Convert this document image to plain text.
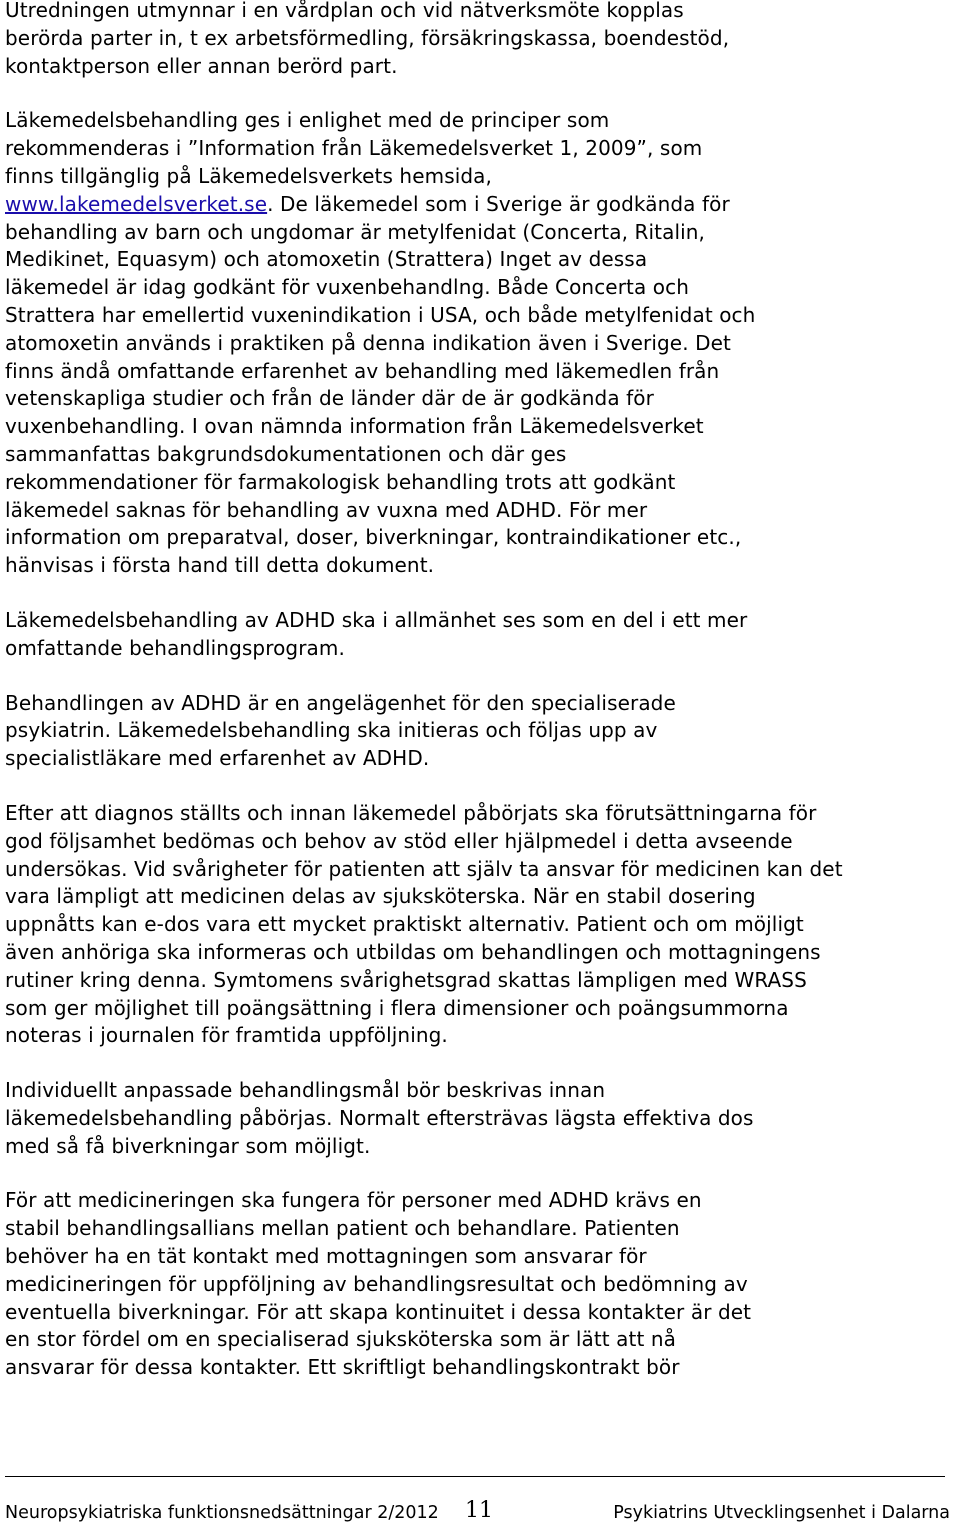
Utredningen utmynnar i en vårdplan och vid nätverksmöte kopplas
berörda parter in, t ex arbetsförmedling, försäkringskassa, boendestöd,
kontaktperson eller annan berörd part.

Läkemedelsbehandling ges i enlighet med de principer som
rekommenderas i ”Information från Läkemedelsverket 1, 2009”, som
finns tillgänglig på Läkemedelsverkets hemsida,
www.lakemedelsverket.se. De läkemedel som i Sverige är godkända för
behandling av barn och ungdomar är metylfenidat (Concerta, Ritalin,
Medikinet, Equasym) och atomoxetin (Strattera) Inget av dessa
läkemedel är idag godkänt för vuxenbehandlng. Både Concerta och
Strattera har emellertid vuxenindikation i USA, och både metylfenidat och
atomoxetin används i praktiken på denna indikation även i Sverige. Det
finns ändå omfattande erfarenhet av behandling med läkemedlen från
vetenskapliga studier och från de länder där de är godkända för
vuxenbehandling. I ovan nämnda information från Läkemedelsverket
sammanfattas bakgrundsdokumentationen och där ges
rekommendationer för farmakologisk behandling trots att godkänt
läkemedel saknas för behandling av vuxna med ADHD. För mer
information om preparatval, doser, biverkningar, kontraindikationer etc.,
hänvisas i första hand till detta dokument.

Läkemedelsbehandling av ADHD ska i allmänhet ses som en del i ett mer
omfattande behandlingsprogram.

Behandlingen av ADHD är en angelägenhet för den specialiserade
psykiatrin. Läkemedelsbehandling ska initieras och följas upp av
specialistläkare med erfarenhet av ADHD.

Efter att diagnos ställts och innan läkemedel påbörjats ska förutsättningarna för
god följsamhet bedömas och behov av stöd eller hjälpmedel i detta avseende
undersökas. Vid svårigheter för patienten att själv ta ansvar för medicinen kan det
vara lämpligt att medicinen delas av sjuksköterska. När en stabil dosering
uppnåtts kan e-dos vara ett mycket praktiskt alternativ. Patient och om möjligt
även anhöriga ska informeras och utbildas om behandlingen och mottagningens
rutiner kring denna. Symtomens svårighetsgrad skattas lämpligen med WRASS
som ger möjlighet till poängsättning i flera dimensioner och poängsummorna
noteras i journalen för framtida uppföljning.

Individuellt anpassade behandlingsmål bör beskrivas innan
läkemedelsbehandling påbörjas. Normalt eftersträvas lägsta effektiva dos
med så få biverkningar som möjligt.

För att medicineringen ska fungera för personer med ADHD krävs en
stabil behandlingsallians mellan patient och behandlare. Patienten
behöver ha en tät kontakt med mottagningen som ansvarar för
medicineringen för uppföljning av behandlingsresultat och bedömning av
eventuella biverkningar. För att skapa kontinuitet i dessa kontakter är det
en stor fördel om en specialiserad sjuksköterska som är lätt att nå
ansvarar för dessa kontakter. Ett skriftligt behandlingskontrakt bör

Neuropsykiatriska funktionsnedsättningar 2/2012 11	Psykiatrins Utvecklingsenhet i Dalarna
